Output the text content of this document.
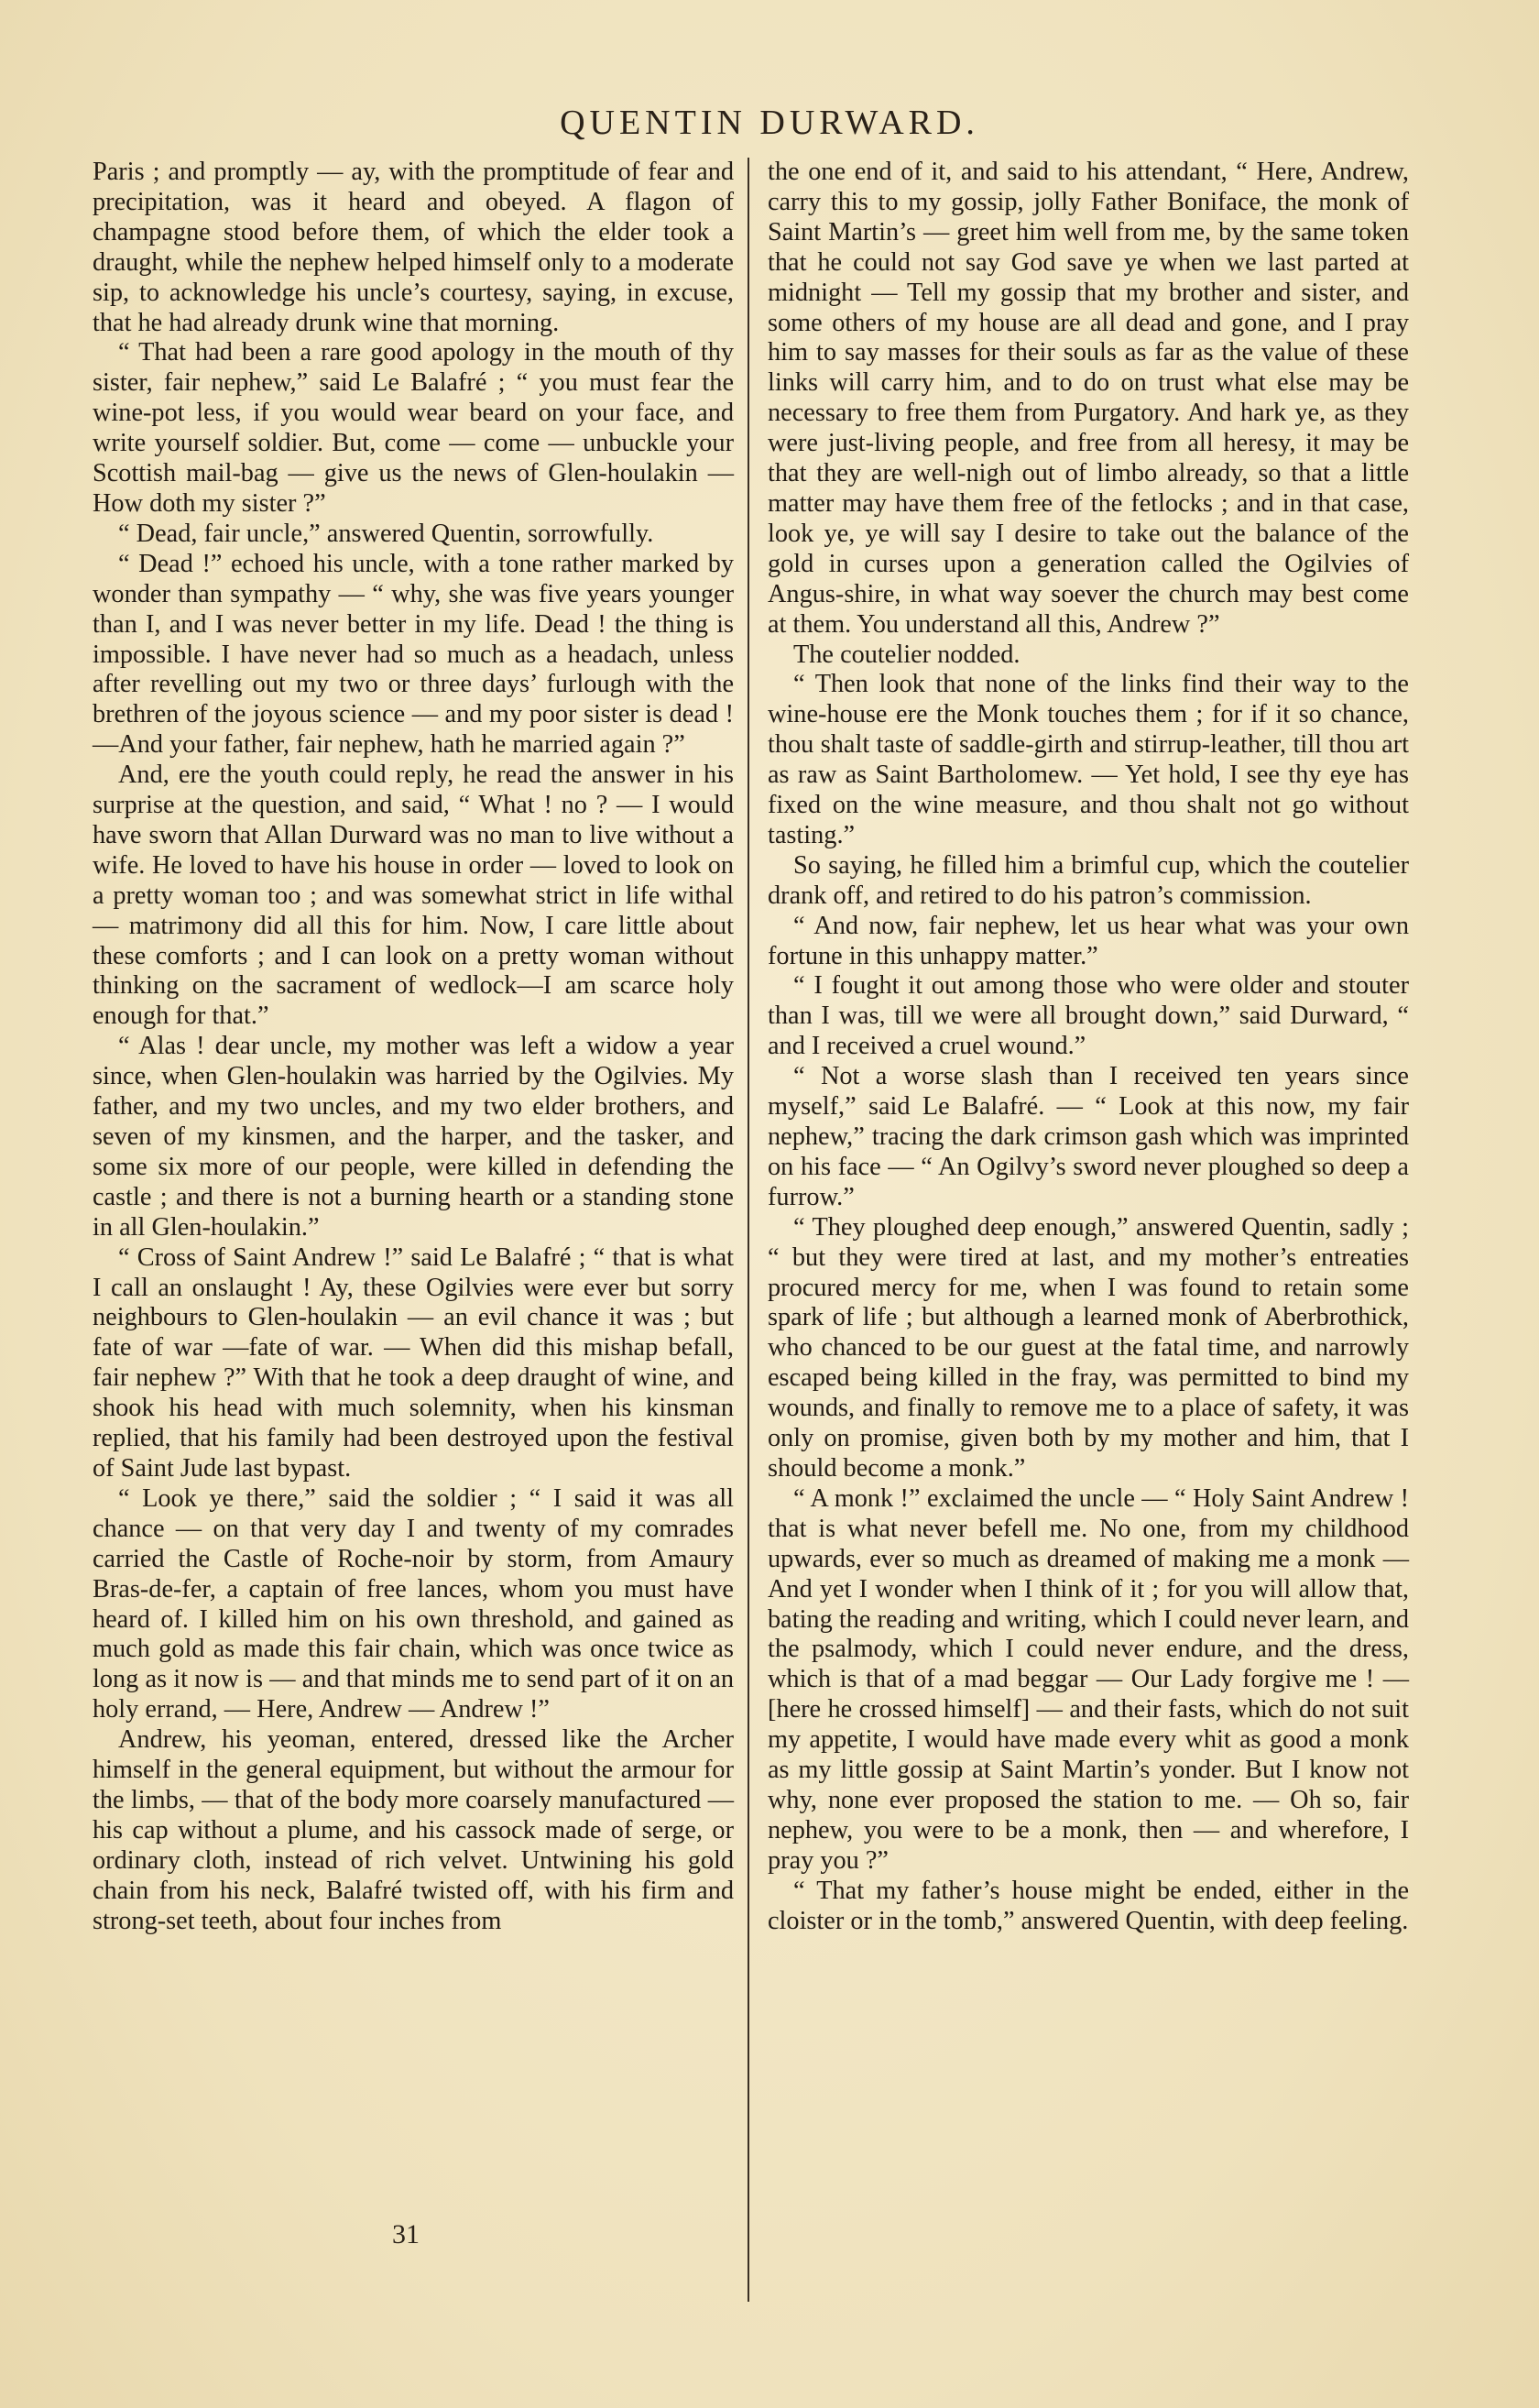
QUENTIN DURWARD.

Paris ; and promptly — ay, with the promptitude of fear and precipitation, was it heard and obeyed. A flagon of champagne stood before them, of which the elder took a draught, while the nephew helped himself only to a moderate sip, to acknowledge his uncle’s courtesy, saying, in excuse, that he had already drunk wine that morning.

“ That had been a rare good apology in the mouth of thy sister, fair nephew,” said Le Balafré ; “ you must fear the wine-pot less, if you would wear beard on your face, and write yourself soldier. But, come — come — unbuckle your Scottish mail-bag — give us the news of Glen-houlakin — How doth my sister ?”

“ Dead, fair uncle,” answered Quentin, sorrowfully.

“ Dead !” echoed his uncle, with a tone rather marked by wonder than sympathy — “ why, she was five years younger than I, and I was never better in my life. Dead ! the thing is impossible. I have never had so much as a headach, unless after revelling out my two or three days’ furlough with the brethren of the joyous science — and my poor sister is dead !—And your father, fair nephew, hath he married again ?”

And, ere the youth could reply, he read the answer in his surprise at the question, and said, “ What ! no ? — I would have sworn that Allan Durward was no man to live without a wife. He loved to have his house in order — loved to look on a pretty woman too ; and was somewhat strict in life withal — matrimony did all this for him. Now, I care little about these comforts ; and I can look on a pretty woman without thinking on the sacrament of wedlock—I am scarce holy enough for that.”

“ Alas ! dear uncle, my mother was left a widow a year since, when Glen-houlakin was harried by the Ogilvies. My father, and my two uncles, and my two elder brothers, and seven of my kinsmen, and the harper, and the tasker, and some six more of our people, were killed in defending the castle ; and there is not a burning hearth or a standing stone in all Glen-houlakin.”

“ Cross of Saint Andrew !” said Le Balafré ; “ that is what I call an onslaught ! Ay, these Ogilvies were ever but sorry neighbours to Glen-houlakin — an evil chance it was ; but fate of war —fate of war. — When did this mishap befall, fair nephew ?” With that he took a deep draught of wine, and shook his head with much solemnity, when his kinsman replied, that his family had been destroyed upon the festival of Saint Jude last bypast.

“ Look ye there,” said the soldier ; “ I said it was all chance — on that very day I and twenty of my comrades carried the Castle of Roche-noir by storm, from Amaury Bras-de-fer, a captain of free lances, whom you must have heard of. I killed him on his own threshold, and gained as much gold as made this fair chain, which was once twice as long as it now is — and that minds me to send part of it on an holy errand, — Here, Andrew — Andrew !”

Andrew, his yeoman, entered, dressed like the Archer himself in the general equipment, but without the armour for the limbs, — that of the body more coarsely manufactured — his cap without a plume, and his cassock made of serge, or ordinary cloth, instead of rich velvet. Untwining his gold chain from his neck, Balafré twisted off, with his firm and strong-set teeth, about four inches from

the one end of it, and said to his attendant, “ Here, Andrew, carry this to my gossip, jolly Father Boniface, the monk of Saint Martin’s — greet him well from me, by the same token that he could not say God save ye when we last parted at midnight — Tell my gossip that my brother and sister, and some others of my house are all dead and gone, and I pray him to say masses for their souls as far as the value of these links will carry him, and to do on trust what else may be necessary to free them from Purgatory. And hark ye, as they were just-living people, and free from all heresy, it may be that they are well-nigh out of limbo already, so that a little matter may have them free of the fetlocks ; and in that case, look ye, ye will say I desire to take out the balance of the gold in curses upon a generation called the Ogilvies of Angus-shire, in what way soever the church may best come at them. You understand all this, Andrew ?”

The coutelier nodded.

“ Then look that none of the links find their way to the wine-house ere the Monk touches them ; for if it so chance, thou shalt taste of saddle-girth and stirrup-leather, till thou art as raw as Saint Bartholomew. — Yet hold, I see thy eye has fixed on the wine measure, and thou shalt not go without tasting.”

So saying, he filled him a brimful cup, which the coutelier drank off, and retired to do his patron’s commission.

“ And now, fair nephew, let us hear what was your own fortune in this unhappy matter.”

“ I fought it out among those who were older and stouter than I was, till we were all brought down,” said Durward, “ and I received a cruel wound.”

“ Not a worse slash than I received ten years since myself,” said Le Balafré. — “ Look at this now, my fair nephew,” tracing the dark crimson gash which was imprinted on his face — “ An Ogilvy’s sword never ploughed so deep a furrow.”

“ They ploughed deep enough,” answered Quentin, sadly ; “ but they were tired at last, and my mother’s entreaties procured mercy for me, when I was found to retain some spark of life ; but although a learned monk of Aberbrothick, who chanced to be our guest at the fatal time, and narrowly escaped being killed in the fray, was permitted to bind my wounds, and finally to remove me to a place of safety, it was only on promise, given both by my mother and him, that I should become a monk.”

“ A monk !” exclaimed the uncle — “ Holy Saint Andrew ! that is what never befell me. No one, from my childhood upwards, ever so much as dreamed of making me a monk — And yet I wonder when I think of it ; for you will allow that, bating the reading and writing, which I could never learn, and the psalmody, which I could never endure, and the dress, which is that of a mad beggar — Our Lady forgive me ! — [here he crossed himself] — and their fasts, which do not suit my appetite, I would have made every whit as good a monk as my little gossip at Saint Martin’s yonder. But I know not why, none ever proposed the station to me. — Oh so, fair nephew, you were to be a monk, then — and wherefore, I pray you ?”

“ That my father’s house might be ended, either in the cloister or in the tomb,” answered Quentin, with deep feeling.

31
